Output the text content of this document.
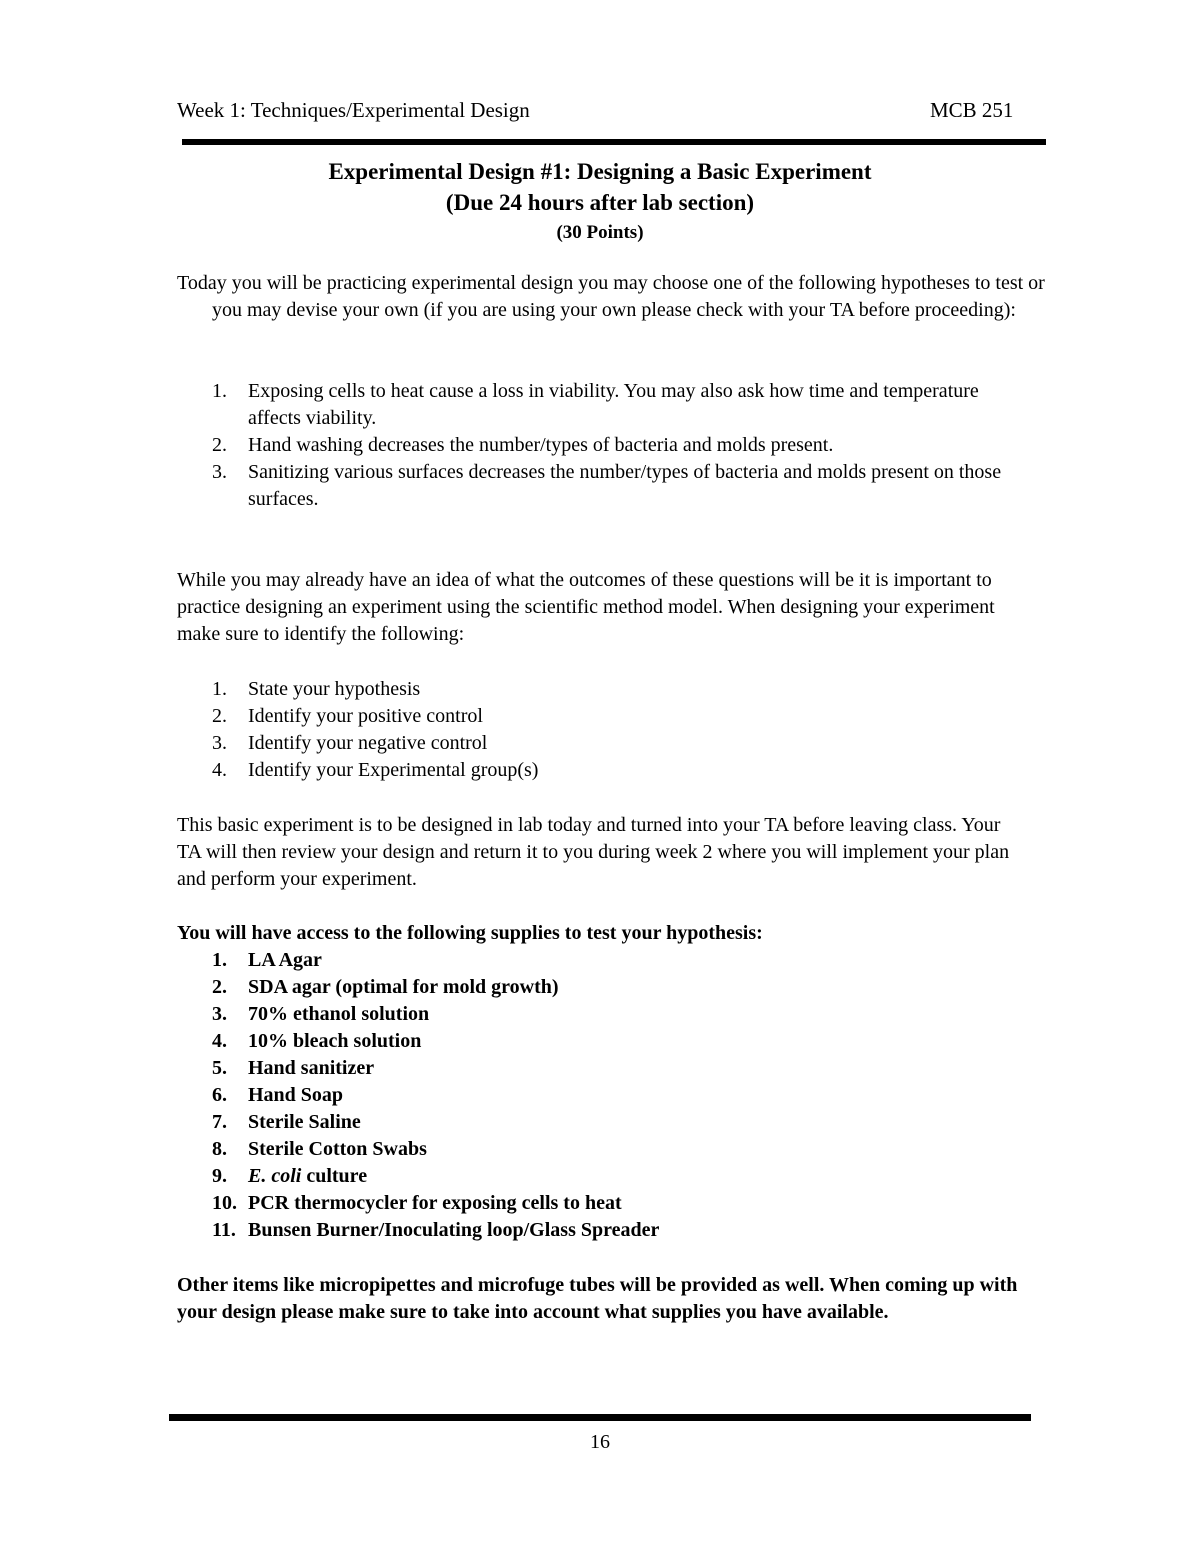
Week 1: Techniques/Experimental Design	MCB 251
Experimental Design #1: Designing a Basic Experiment
(Due 24 hours after lab section)
(30 Points)
Today you will be practicing experimental design you may choose one of the following hypotheses to test or you may devise your own (if you are using your own please check with your TA before proceeding):
1. Exposing cells to heat cause a loss in viability. You may also ask how time and temperature affects viability.
2. Hand washing decreases the number/types of bacteria and molds present.
3. Sanitizing various surfaces decreases the number/types of bacteria and molds present on those surfaces.
While you may already have an idea of what the outcomes of these questions will be it is important to practice designing an experiment using the scientific method model. When designing your experiment make sure to identify the following:
1. State your hypothesis
2. Identify your positive control
3. Identify your negative control
4. Identify your Experimental group(s)
This basic experiment is to be designed in lab today and turned into your TA before leaving class. Your TA will then review your design and return it to you during week 2 where you will implement your plan and perform your experiment.
You will have access to the following supplies to test your hypothesis:
1. LA Agar
2. SDA agar (optimal for mold growth)
3. 70% ethanol solution
4. 10% bleach solution
5. Hand sanitizer
6. Hand Soap
7. Sterile Saline
8. Sterile Cotton Swabs
9. E. coli culture
10. PCR thermocycler for exposing cells to heat
11. Bunsen Burner/Inoculating loop/Glass Spreader
Other items like micropipettes and microfuge tubes will be provided as well. When coming up with your design please make sure to take into account what supplies you have available.
16
